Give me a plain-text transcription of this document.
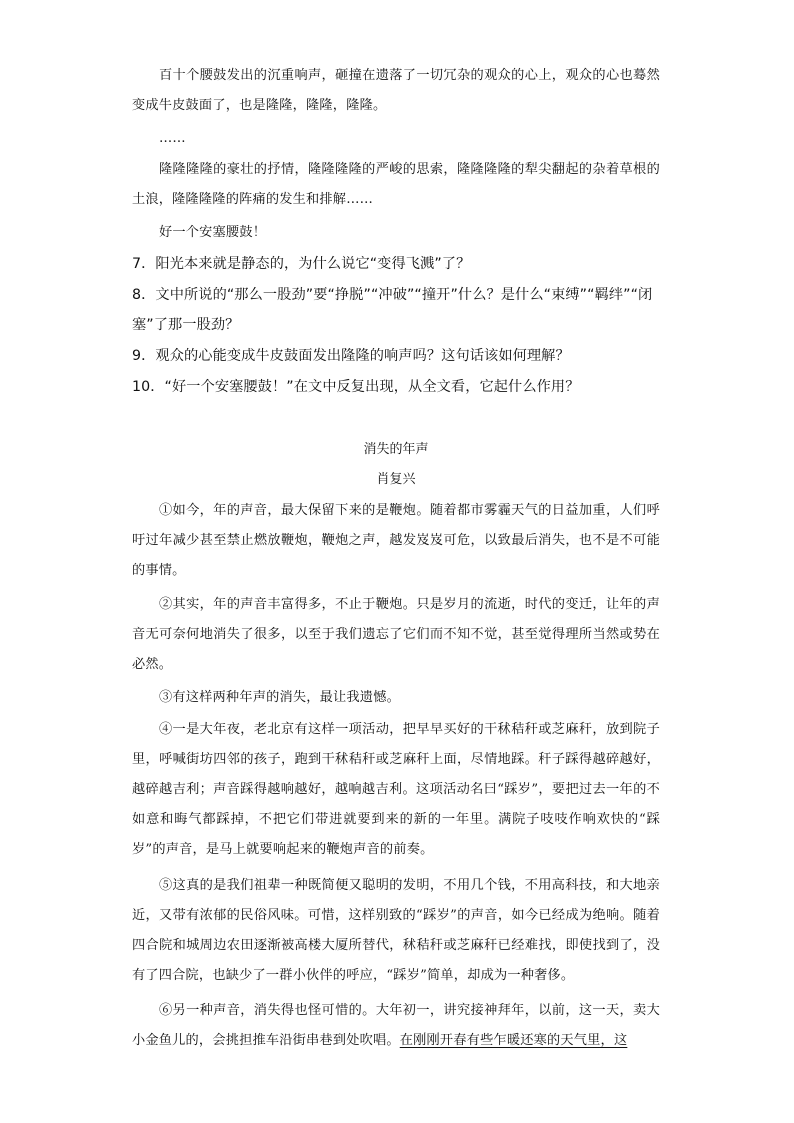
百十个腰鼓发出的沉重响声，砸撞在遗落了一切冗杂的观众的心上，观众的心也蓦然变成牛皮鼓面了，也是隆隆，隆隆，隆隆。
……
隆隆隆隆的豪壮的抒情，隆隆隆隆的严峻的思索，隆隆隆隆的犁尖翻起的杂着草根的土浪，隆隆隆隆的阵痛的发生和排解……
好一个安塞腰鼓！
7．阳光本来就是静态的，为什么说它“变得飞溅”了？
8．文中所说的“那么一股劲”要“挣脱”“冲破”“撞开”什么？是什么“束缚”“羁绊”“闭塞”了那一股劲？
9．观众的心能变成牛皮鼓面发出隆隆的响声吗？这句话该如何理解？
10．“好一个安塞腰鼓！”在文中反复出现，从全文看，它起什么作用？
消失的年声
肖复兴
①如今，年的声音，最大保留下来的是鞭炮。随着都市雾霾天气的日益加重，人们呼吁过年减少甚至禁止燃放鞭炮，鞭炮之声，越发岌岌可危，以致最后消失，也不是不可能的事情。
②其实，年的声音丰富得多，不止于鞭炮。只是岁月的流逝，时代的变迁，让年的声音无可奈何地消失了很多，以至于我们遗忘了它们而不知不觉，甚至觉得理所当然或势在必然。
③有这样两种年声的消失，最让我遗憾。
④一是大年夜，老北京有这样一项活动，把早早买好的干秫秸秆或芝麻秆，放到院子里，呼喊街坊四邻的孩子，跑到干秫秸秆或芝麻秆上面，尽情地踩。秆子踩得越碎越好，越碎越吉利；声音踩得越响越好，越响越吉利。这项活动名曰“踩岁”，要把过去一年的不如意和晦气都踩掉，不把它们带进就要到来的新的一年里。满院子吱吱作响欢快的“踩岁”的声音，是马上就要响起来的鞭炮声音的前奏。
⑤这真的是我们祖辈一种既简便又聪明的发明，不用几个钱，不用高科技，和大地亲近，又带有浓郁的民俗风味。可惜，这样别致的“踩岁”的声音，如今已经成为绝响。随着四合院和城周边农田逐渐被高楼大厦所替代，秫秸秆或芝麻秆已经难找，即使找到了，没有了四合院，也缺少了一群小伙伴的呼应，“踩岁”简单，却成为一种奢侈。
⑥另一种声音，消失得也怪可惜的。大年初一，讲究接神拜年，以前，这一天，卖大小金鱼儿的，会挑担推车沿街串巷到处吹唱。在刚刚开春有些乍暖还寒的天气里，这
